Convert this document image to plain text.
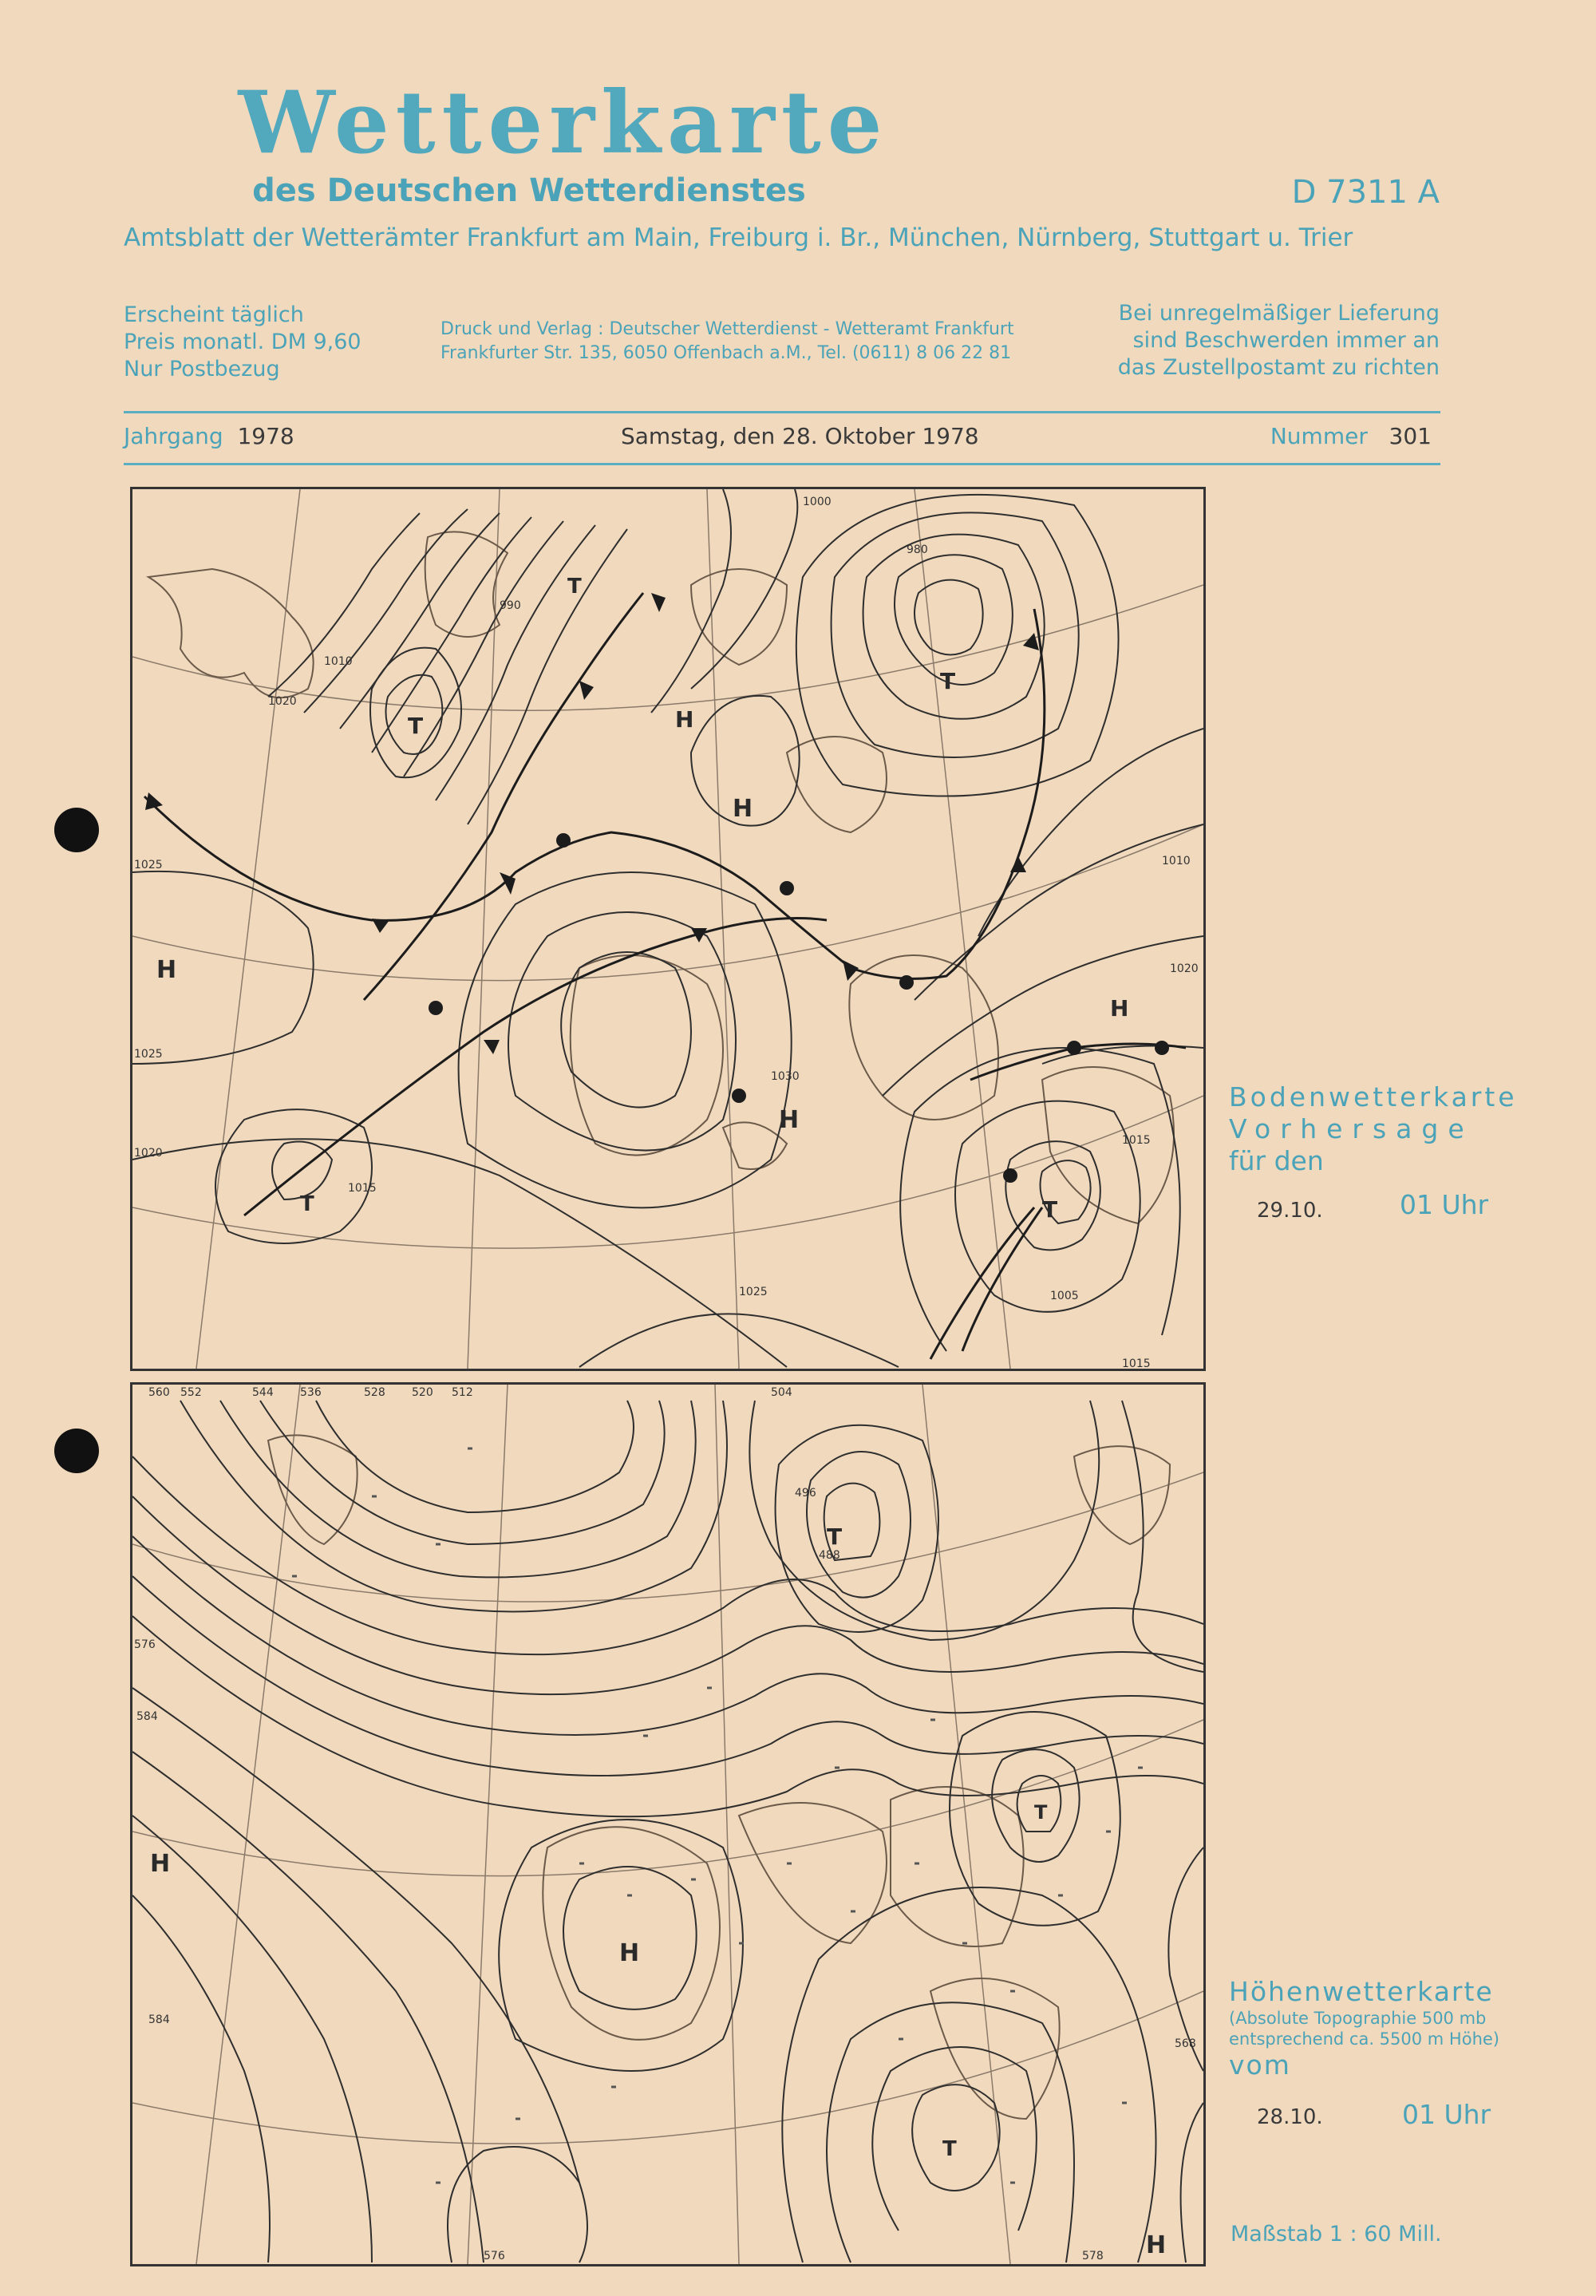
Wetterkarte
des Deutschen Wetterdienstes	D 7311 A
Amtsblatt der Wetterämter Frankfurt am Main, Freiburg i. Br., München, Nürnberg, Stuttgart u. Trier
Erscheint täglich
Preis monatl. DM 9,60
Nur Postbezug
Druck und Verlag : Deutscher Wetterdienst - Wetteramt Frankfurt
Frankfurter Str. 135, 6050 Offenbach a.M., Tel. (0611) 8 06 22 81
Bei unregelmäßiger Lieferung
sind Beschwerden immer an
das Zustellpostamt zu richten
Jahrgang 1978	Samstag, den 28. Oktober 1978	Nummer 301
H
H
H
H
H
T
T
T
T	T
1020
1025
1025
1020
1015
1010
1005
1000
990
980
1030
1015
1020
1010
1015
1025
Bodenwetterkarte
Vorhersage
für den
29.10.	01 Uhr
H
H
H
T
T
T
560 552	544 536	528 520 512	504
496
488
576
584
584
568
576	578
Höhenwetterkarte
(Absolute Topographie 500 mb
entsprechend ca. 5500 m Höhe)
vom
28.10.	01 Uhr
Maßstab 1 : 60 Mill.
